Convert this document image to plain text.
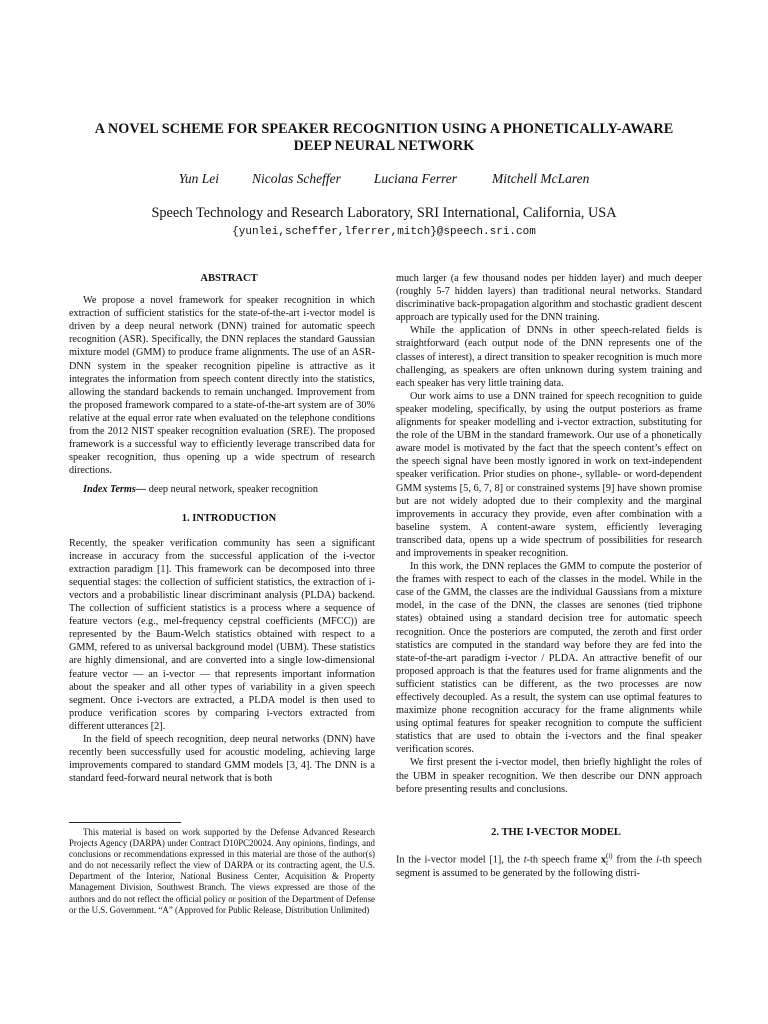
A NOVEL SCHEME FOR SPEAKER RECOGNITION USING A PHONETICALLY-AWARE
DEEP NEURAL NETWORK
Yun Lei Nicolas Scheffer Luciana Ferrer	Mitchell McLaren
Speech Technology and Research Laboratory, SRI International, California, USA
{yunlei,scheffer,lferrer,mitch}@speech.sri.com

ABSTRACT

We propose a novel framework for speaker recognition in which extraction of sufficient statistics for the state-of-the-art i-vector model is driven by a deep neural network (DNN) trained for automatic speech recognition (ASR). Specifically, the DNN replaces the standard Gaussian mixture model (GMM) to produce frame alignments. The use of an ASR-DNN system in the speaker recognition pipeline is attractive as it integrates the information from speech content directly into the statistics, allowing the standard backends to remain unchanged. Improvement from the proposed framework compared to a state-of-the-art system are of 30% relative at the equal error rate when evaluated on the telephone conditions from the 2012 NIST speaker recognition evaluation (SRE). The proposed framework is a successful way to efficiently leverage transcribed data for speaker recognition, thus opening up a wide spectrum of research directions.

Index Terms— deep neural network, speaker recognition

1. INTRODUCTION

Recently, the speaker verification community has seen a significant increase in accuracy from the successful application of the i-vector extraction paradigm [1]. This framework can be decomposed into three sequential stages: the collection of sufficient statistics, the extraction of i-vectors and a probabilistic linear discriminant analysis (PLDA) backend. The collection of sufficient statistics is a process where a sequence of feature vectors (e.g., mel-frequency cepstral coefficients (MFCC)) are represented by the Baum-Welch statistics obtained with respect to a GMM, refered to as universal background model (UBM). These statistics are highly dimensional, and are converted into a single low-dimensional feature vector — an i-vector — that represents important information about the speaker and all other types of variability in a given speech segment. Once i-vectors are extracted, a PLDA model is then used to produce verification scores by comparing i-vectors extracted from different utterances [2].

In the field of speech recognition, deep neural networks (DNN) have recently been successfully used for acoustic modeling, achieving large improvements compared to standard GMM models [3, 4]. The DNN is a standard feed-forward neural network that is both

This material is based on work supported by the Defense Advanced Research Projects Agency (DARPA) under Contract D10PC20024. Any opinions, findings, and conclusions or recommendations expressed in this material are those of the author(s) and do not necessarily reflect the view of DARPA or its contracting agent, the U.S. Department of the Interior, National Business Center, Acquisition & Property Management Division, Southwest Branch. The views expressed are those of the authors and do not reflect the official policy or position of the Department of Defense or the U.S. Government. “A” (Approved for Public Release, Distribution Unlimited)

much larger (a few thousand nodes per hidden layer) and much deeper (roughly 5-7 hidden layers) than traditional neural networks. Standard discriminative back-propagation algorithm and stochastic gradient descent approach are typically used for the DNN training.

While the application of DNNs in other speech-related fields is straightforward (each output node of the DNN represents one of the classes of interest), a direct transition to speaker recognition is much more challenging, as speakers are often unknown during system training and each speaker has very little training data.

Our work aims to use a DNN trained for speech recognition to guide speaker modeling, specifically, by using the output posteriors as frame alignments for speaker modelling and i-vector extraction, substituting for the role of the UBM in the standard framework. Our use of a phonetically aware model is motivated by the fact that the speech content’s effect on the speech signal have been mostly ignored in work on text-independent speaker verification. Prior studies on phone-, syllable- or word-dependent GMM systems [5, 6, 7, 8] or constrained systems [9] have shown promise but are not widely adopted due to their complexity and the marginal improvements in accuracy they provide, even after combination with a baseline system. A content-aware system, efficiently leveraging transcribed data, opens up a wide spectrum of possibilities for research and improvements in speaker recognition.

In this work, the DNN replaces the GMM to compute the posterior of the frames with respect to each of the classes in the model. While in the case of the GMM, the classes are the individual Gaussians from a mixture model, in the case of the DNN, the classes are senones (tied triphone states) obtained using a standard decision tree for automatic speech recognition. Once the posteriors are computed, the zeroth and first order statistics are computed in the standard way before they are fed into the state-of-the-art paradigm i-vector / PLDA. An attractive benefit of our proposed approach is that the features used for frame alignments and the sufficient statistics can be different, as the two processes are now effectively decoupled. As a result, the system can use optimal features to maximize phone recognition accuracy for the frame alignments while using optimal features for speaker recognition to compute the sufficient statistics that are used to obtain the i-vectors and the final speaker verification scores.

We first present the i-vector model, then briefly highlight the roles of the UBM in speaker recognition. We then describe our DNN approach before presenting results and conclusions.

2. THE I-VECTOR MODEL

In the i-vector model [1], the t-th speech frame x (i)
t from the i-th speech segment is assumed to be generated by the following distri-
